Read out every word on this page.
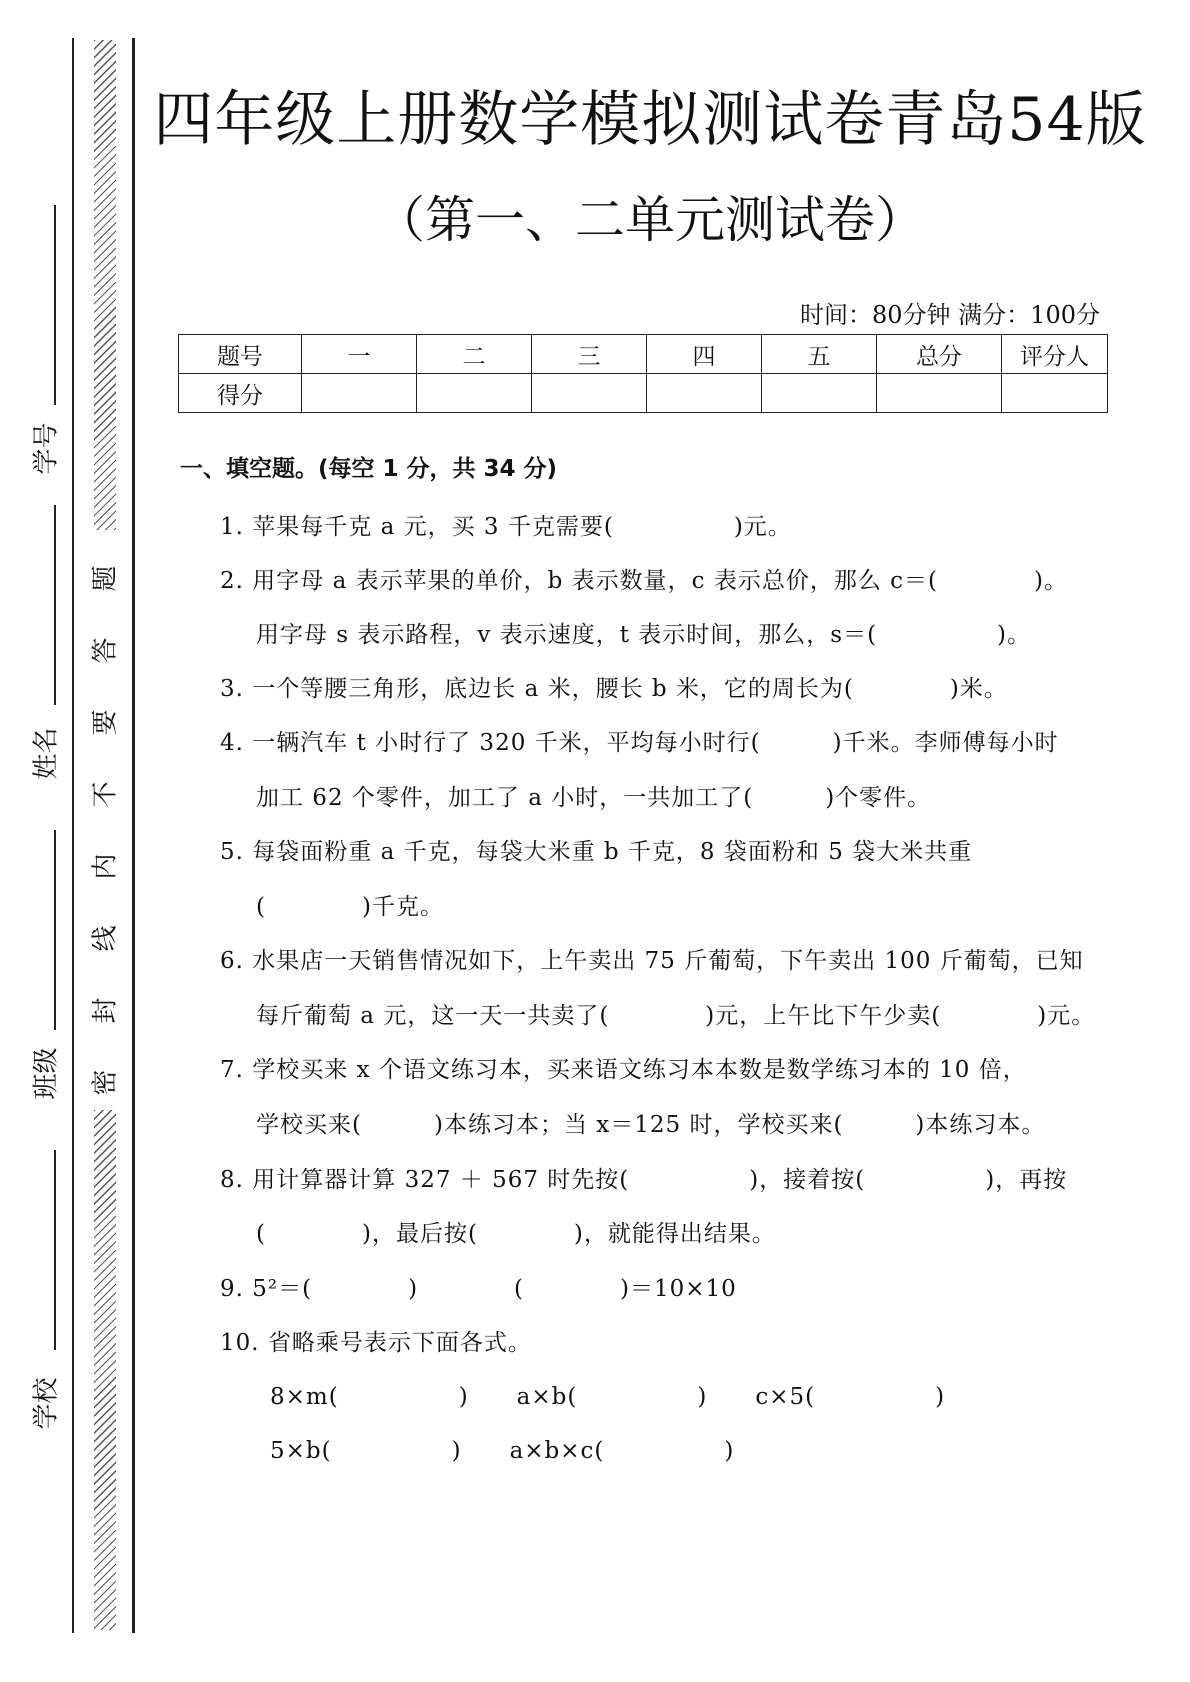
学号
姓名
班级
学校
题
答
要
不
内
线
封
密
四年级上册数学模拟测试卷青岛54版
（第一、二单元测试卷）
时间：80分钟 满分：100分
题号	一	二	三	四	五	总分	评分人
得分							
一、填空题。(每空 1 分，共 34 分)
1. 苹果每千克 a 元，买 3 千克需要(　　　　　)元。
2. 用字母 a 表示苹果的单价，b 表示数量，c 表示总价，那么 c＝(　　　　)。
用字母 s 表示路程，v 表示速度，t 表示时间，那么，s＝(　　　　　)。
3. 一个等腰三角形，底边长 a 米，腰长 b 米，它的周长为(　　　　)米。
4. 一辆汽车 t 小时行了 320 千米，平均每小时行(　　　)千米。李师傅每小时
加工 62 个零件，加工了 a 小时，一共加工了(　　　)个零件。
5. 每袋面粉重 a 千克，每袋大米重 b 千克，8 袋面粉和 5 袋大米共重
(　　　　)千克。
6. 水果店一天销售情况如下，上午卖出 75 斤葡萄，下午卖出 100 斤葡萄，已知
每斤葡萄 a 元，这一天一共卖了(　　　　)元，上午比下午少卖(　　　　)元。
7. 学校买来 x 个语文练习本，买来语文练习本本数是数学练习本的 10 倍，
学校买来(　　　)本练习本；当 x＝125 时，学校买来(　　　)本练习本。
8. 用计算器计算 327 ＋ 567 时先按(　　　　　)，接着按(　　　　　)，再按
(　　　　)，最后按(　　　　)，就能得出结果。
9. 5²＝(　　　　)　　　　(　　　　)＝10×10
10. 省略乘号表示下面各式。
8×m(　　　　　)　　a×b(　　　　　)　　c×5(　　　　　)
5×b(　　　　　)　　a×b×c(　　　　　)
